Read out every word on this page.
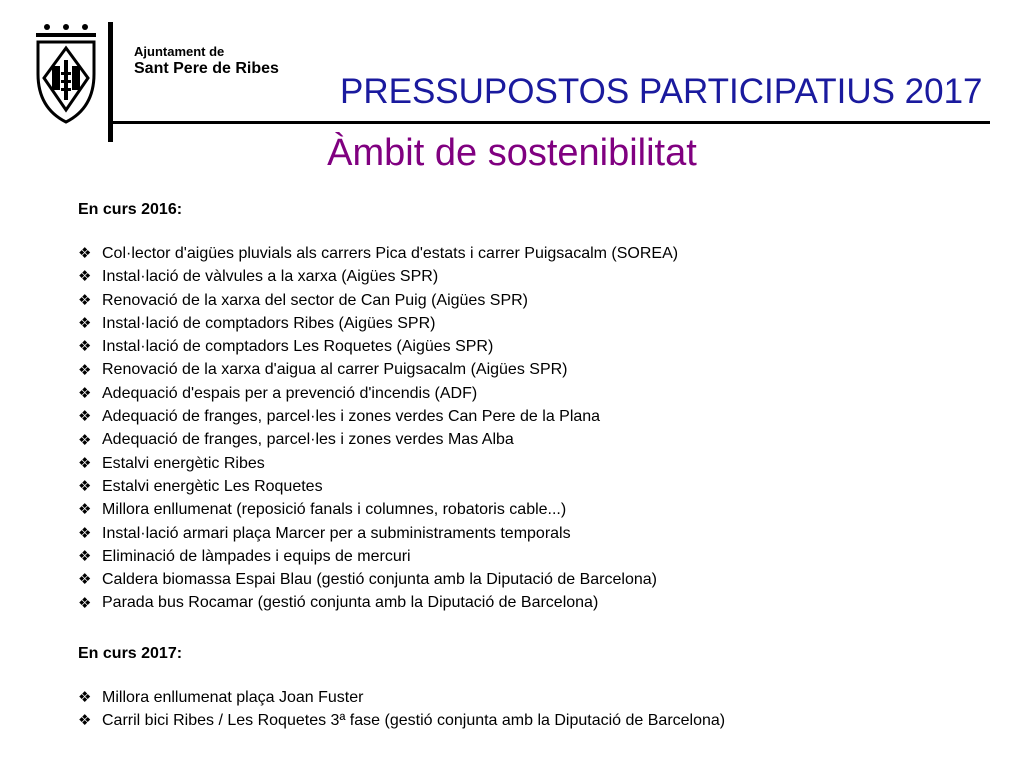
Ajuntament de
Sant Pere de Ribes
PRESSUPOSTOS PARTICIPATIUS 2017
Àmbit de sostenibilitat
En curs 2016:
❖ Col·lector d'aigües pluvials als carrers Pica d'estats i carrer Puigsacalm (SOREA)
❖ Instal·lació de vàlvules a la xarxa (Aigües SPR)
❖ Renovació de la xarxa del sector de Can Puig (Aigües SPR)
❖ Instal·lació de comptadors Ribes (Aigües SPR)
❖ Instal·lació de comptadors Les Roquetes (Aigües SPR)
❖ Renovació de la xarxa d'aigua al carrer Puigsacalm (Aigües SPR)
❖ Adequació d'espais per a prevenció d'incendis (ADF)
❖ Adequació de franges, parcel·les i zones verdes Can Pere de la Plana
❖ Adequació de franges, parcel·les i zones verdes Mas Alba
❖ Estalvi energètic Ribes
❖ Estalvi energètic Les Roquetes
❖ Millora enllumenat (reposició fanals i columnes, robatoris cable...)
❖ Instal·lació armari plaça Marcer per a subministraments temporals
❖ Eliminació de làmpades i equips de mercuri
❖ Caldera biomassa Espai Blau (gestió conjunta amb la Diputació de Barcelona)
❖ Parada bus Rocamar (gestió conjunta amb la Diputació de Barcelona)
En curs 2017:
❖ Millora enllumenat plaça Joan Fuster
❖ Carril bici Ribes / Les Roquetes 3ª fase (gestió conjunta amb la Diputació de Barcelona)
